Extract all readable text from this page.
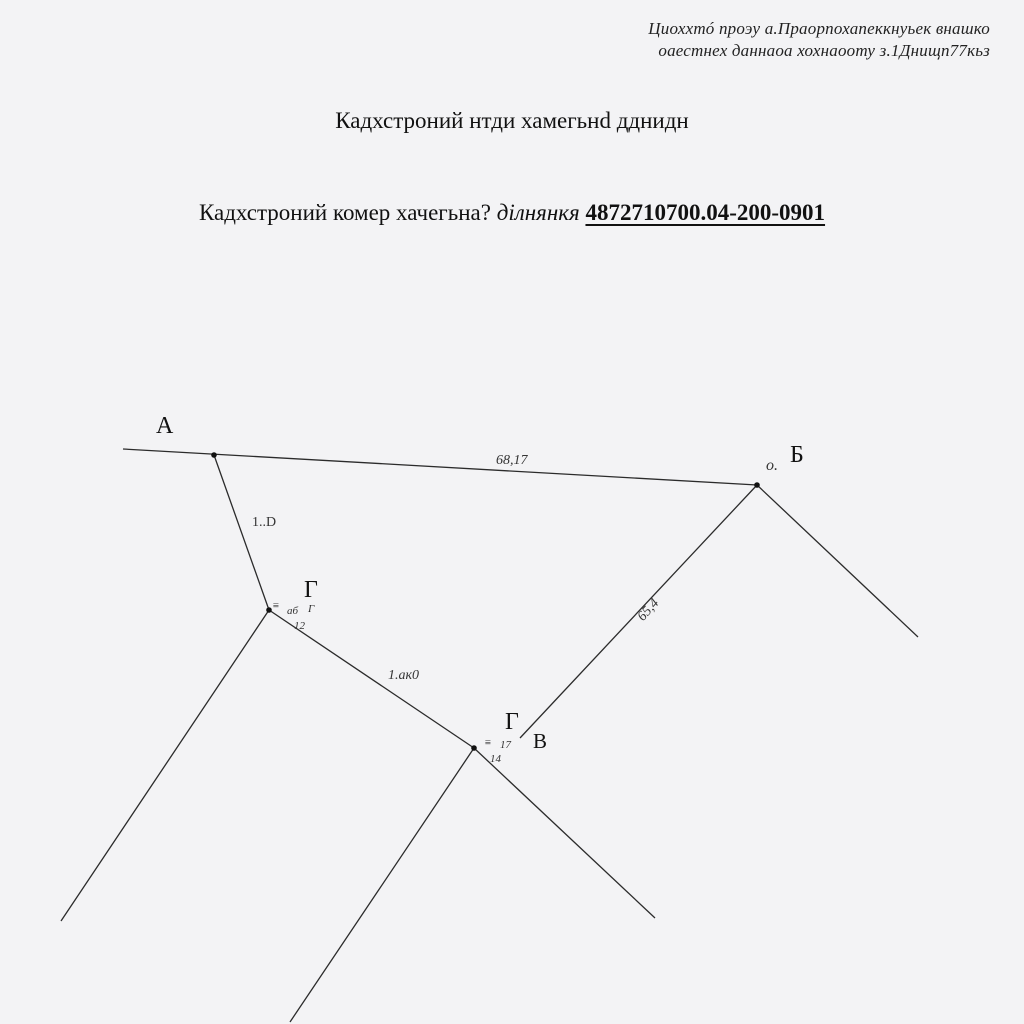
Циоххтó проэу а.Праорпохапеккнуьек внашко
оаестнех даннаоа хохнаооту з.1Днищп77кьз
Кадхстроний нтди хамегьнd дднидн
Кадхстроний комер хачегьна? дiлнянкя 4872710700.04-200-0901
А
о. Б
Г
Г
В
68,17
1..D
1.ак0
65,4
≡ аб Г
12
≡ 17
14
